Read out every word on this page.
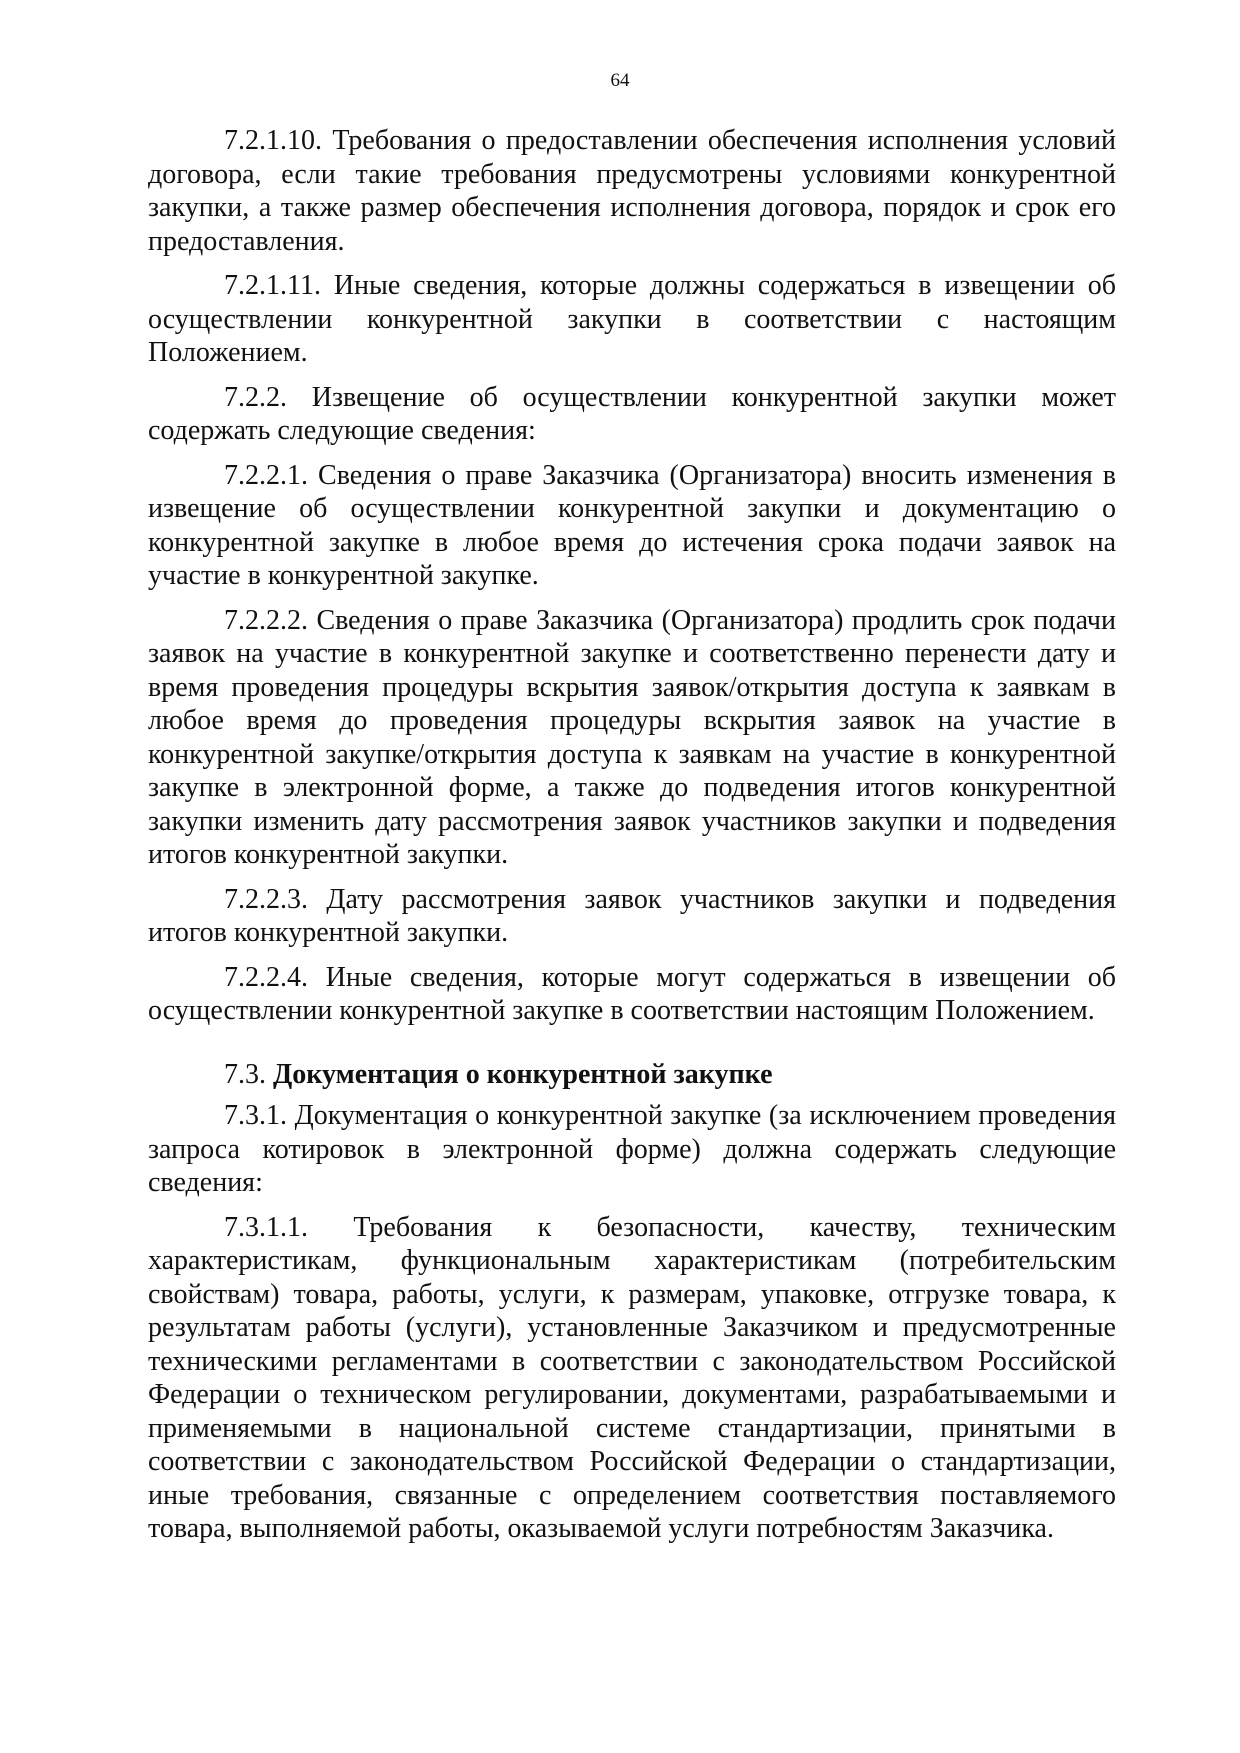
64

7.2.1.10. Требования о предоставлении обеспечения исполнения условий договора, если такие требования предусмотрены условиями конкурентной закупки, а также размер обеспечения исполнения договора, порядок и срок его предоставления.

7.2.1.11. Иные сведения, которые должны содержаться в извещении об осуществлении конкурентной закупки в соответствии с настоящим Положением.

7.2.2. Извещение об осуществлении конкурентной закупки может содержать следующие сведения:

7.2.2.1. Сведения о праве Заказчика (Организатора) вносить изменения в извещение об осуществлении конкурентной закупки и документацию о конкурентной закупке в любое время до истечения срока подачи заявок на участие в конкурентной закупке.

7.2.2.2. Сведения о праве Заказчика (Организатора) продлить срок подачи заявок на участие в конкурентной закупке и соответственно перенести дату и время проведения процедуры вскрытия заявок/открытия доступа к заявкам в любое время до проведения процедуры вскрытия заявок на участие в конкурентной закупке/открытия доступа к заявкам на участие в конкурентной закупке в электронной форме, а также до подведения итогов конкурентной закупки изменить дату рассмотрения заявок участников закупки и подведения итогов конкурентной закупки.

7.2.2.3. Дату рассмотрения заявок участников закупки и подведения итогов конкурентной закупки.

7.2.2.4. Иные сведения, которые могут содержаться в извещении об осуществлении конкурентной закупке в соответствии настоящим Положением.

7.3. Документация о конкурентной закупке

7.3.1. Документация о конкурентной закупке (за исключением проведения запроса котировок в электронной форме) должна содержать следующие сведения:

7.3.1.1. Требования к безопасности, качеству, техническим характеристикам, функциональным характеристикам (потребительским свойствам) товара, работы, услуги, к размерам, упаковке, отгрузке товара, к результатам работы (услуги), установленные Заказчиком и предусмотренные техническими регламентами в соответствии с законодательством Российской Федерации о техническом регулировании, документами, разрабатываемыми и применяемыми в национальной системе стандартизации, принятыми в соответствии с законодательством Российской Федерации о стандартизации, иные требования, связанные с определением соответствия поставляемого товара, выполняемой работы, оказываемой услуги потребностям Заказчика.
